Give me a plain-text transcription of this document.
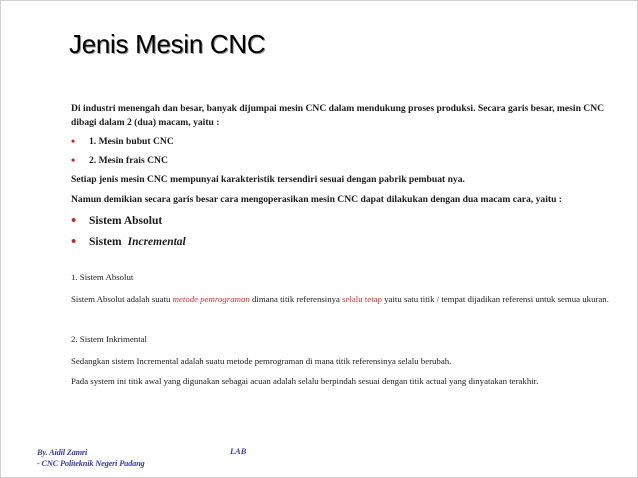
Jenis Mesin CNC

Di industri menengah dan besar, banyak dijumpai mesin CNC dalam mendukung proses produksi. Secara garis besar, mesin CNC dibagi dalam 2 (dua) macam, yaitu :

•	1. Mesin bubut CNC
•	2. Mesin frais CNC

Setiap jenis mesin CNC mempunyai karakteristik tersendiri sesuai dengan pabrik pembuat nya.

Namun demikian secara garis besar cara mengoperasikan mesin CNC dapat dilakukan dengan dua macam cara, yaitu :

•	Sistem Absolut
•	Sistem Incremental

1. Sistem Absolut

Sistem Absolut adalah suatu metode pemrograman dimana titik referensinya selalu tetap yaitu satu titik / tempat dijadikan referensi untuk semua ukuran.

2. Sistem Inkrimental

Sedangkan sistem Incremental adalah suatu metode pemrograman di mana titik referensinya selalu berubah.

Pada system ini titik awal yang digunakan sebagai acuan adalah selalu berpindah sesuai dengan titik actual yang dinyatakan terakhir.

By. Aidil Zamri
- CNC Politeknik Negeri Padang
LAB
